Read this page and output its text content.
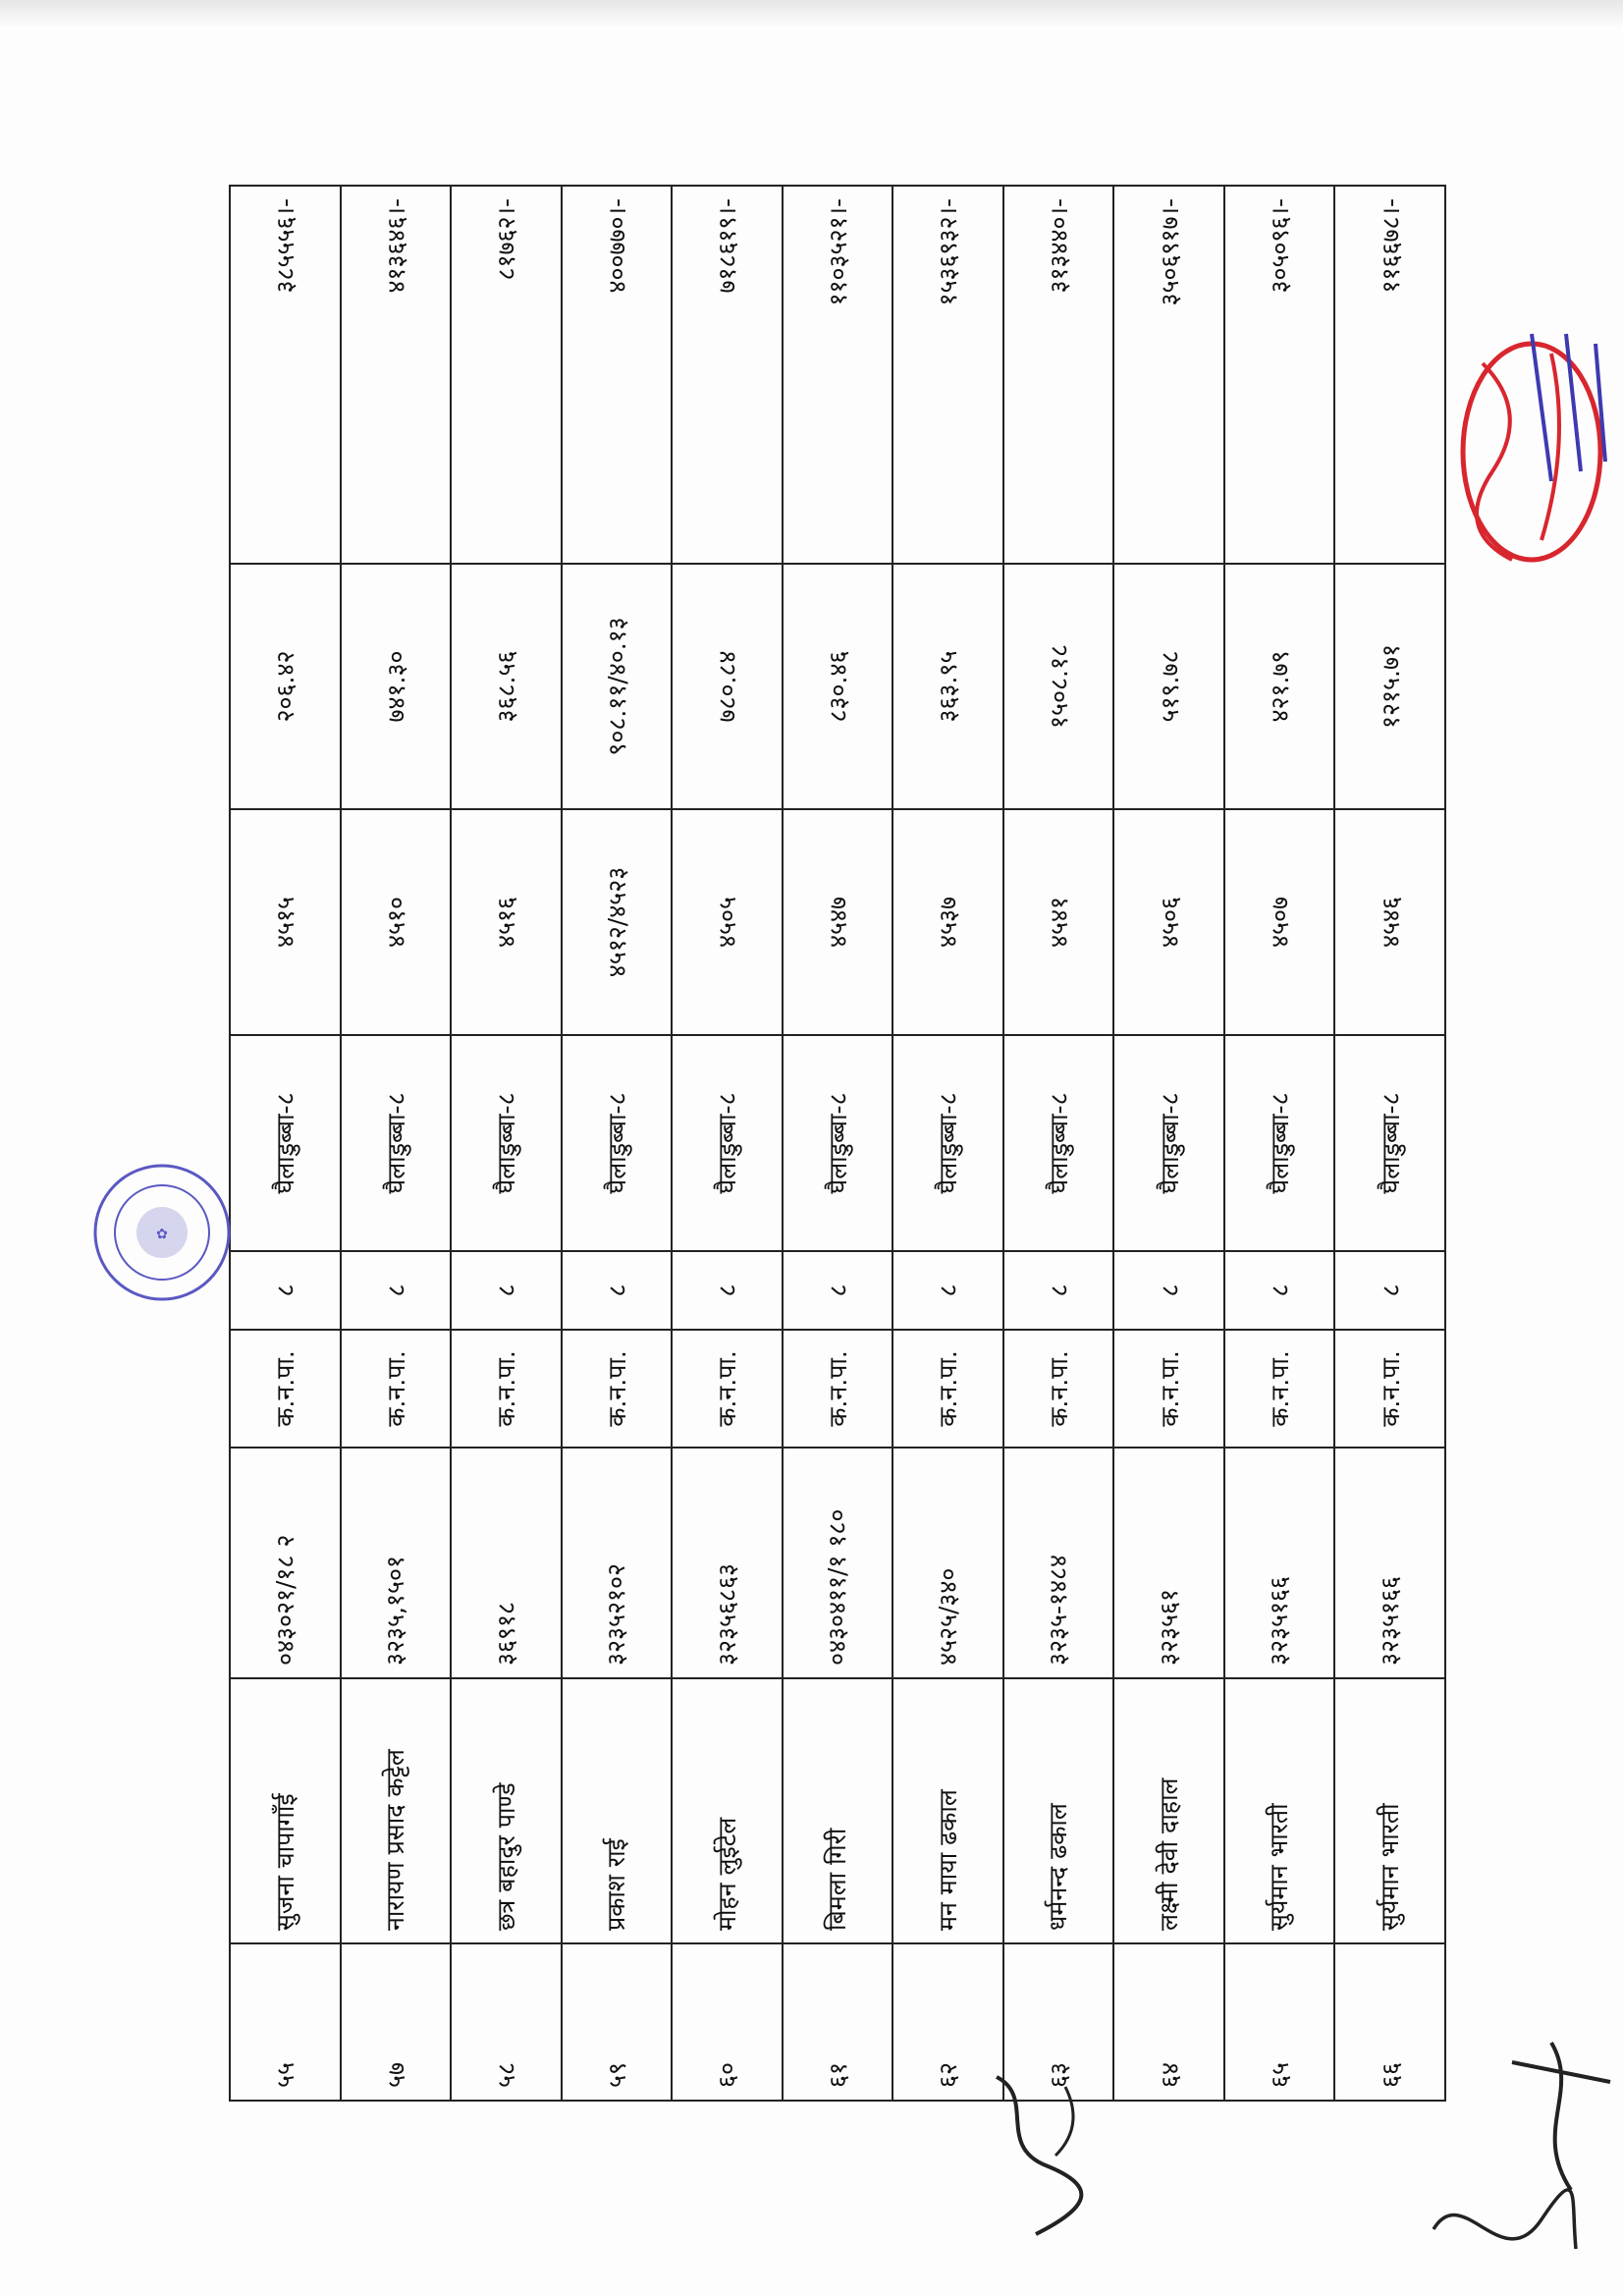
५५	सुजना चापागाँई	०४३०२१/१८ २	क.न.पा.	८	घैलाडुब्बा-८	४५१५	२०६.४२	३८५५५६।-
५७	नारायण प्रसाद कट्टेल	३२३५,१५०१	क.न.पा.	८	घैलाडुब्बा-८	४५१०	७४१.३०	४१३६४६।-
५८	छत्र बहादुर पाण्डे	३६९१८	क.न.पा.	८	घैलाडुब्बा-८	४५१६	३६८.५६	८१७६२।-
५९	प्रकाश राई	३२३५२१०२	क.न.पा.	८	घैलाडुब्बा-८	४५१२/४५२३	९०८.११/४०.१३	४००७७०।-
६०	मोहन लुईटेल	३२३५६८६३	क.न.पा.	८	घैलाडुब्बा-८	४५०५	७८०.८४	७१८६१९।-
६१	बिमला गिरी	०४३०४११/१ १८०	क.न.पा.	८	घैलाडुब्बा-८	४५४७	८३०.४६	११०३५२१।-
६२	मन माया ढकाल	४५२५/३४०	क.न.पा.	८	घैलाडुब्बा-८	४५३७	३६३.९५	१५३६९३२।-
६३	धर्मनन्द ढकाल	३२३५-१४८४	क.न.पा.	८	घैलाडुब्बा-८	४५४१	१५०८.१८	३१३४४०।-
६४	लक्ष्मी देवी दाहाल	३२३५६१	क.न.पा.	८	घैलाडुब्बा-८	४५०६	५१९.७८	३५०६९१७।-
६५	सुर्यमान भारती	३२३५१६६	क.न.पा.	८	घैलाडुब्बा-८	४५०७	४२१.७९	३०५०९६।-
६६	सुर्यमान भारती	३२३५१६६	क.न.पा.	८	घैलाडुब्बा-८	४५४६	१२१५.७१	११६६७८।-
✿
